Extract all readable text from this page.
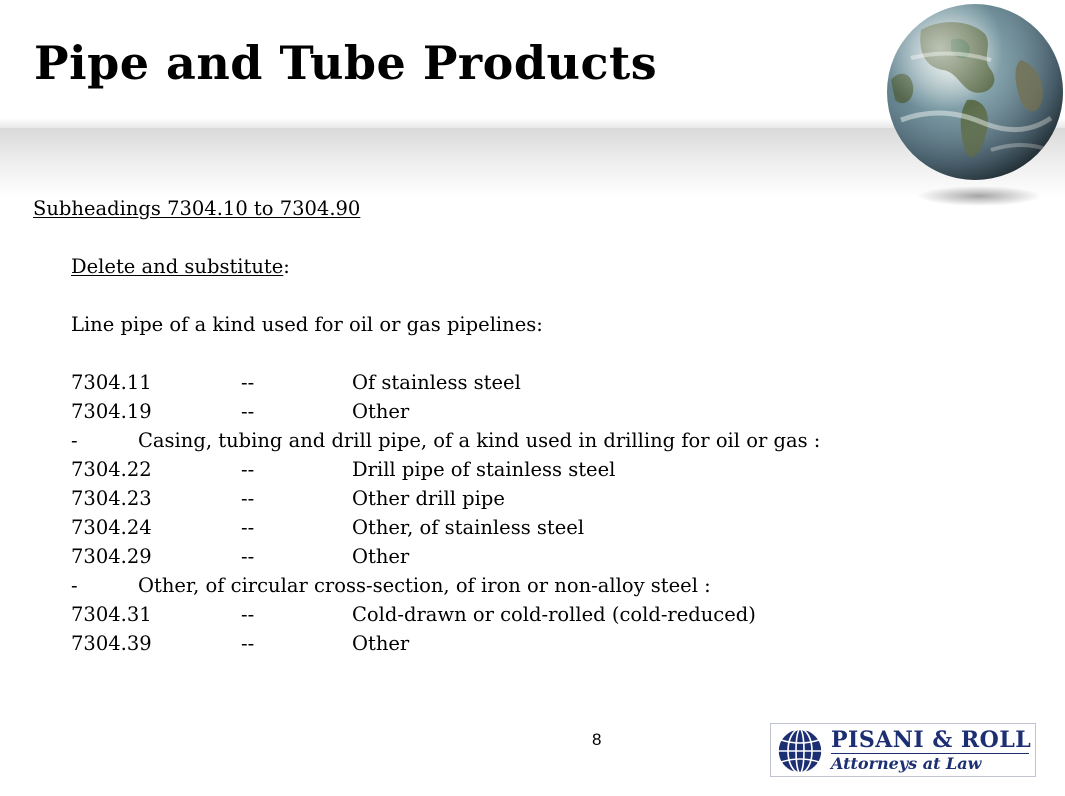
Pipe and Tube Products
Subheadings 7304.10 to 7304.90
Delete and substitute:
Line pipe of a kind used for oil or gas pipelines:
7304.11	--	Of stainless steel
7304.19	--	Other
-	Casing, tubing and drill pipe, of a kind used in drilling for oil or gas :
7304.22	--	Drill pipe of stainless steel
7304.23	--	Other drill pipe
7304.24	--	Other, of stainless steel
7304.29	--	Other
-	Other, of circular cross-section, of iron or non-alloy steel :
7304.31	--	Cold-drawn or cold-rolled (cold-reduced)
7304.39	--	Other
8	PISANI & ROLL
Attorneys at Law
